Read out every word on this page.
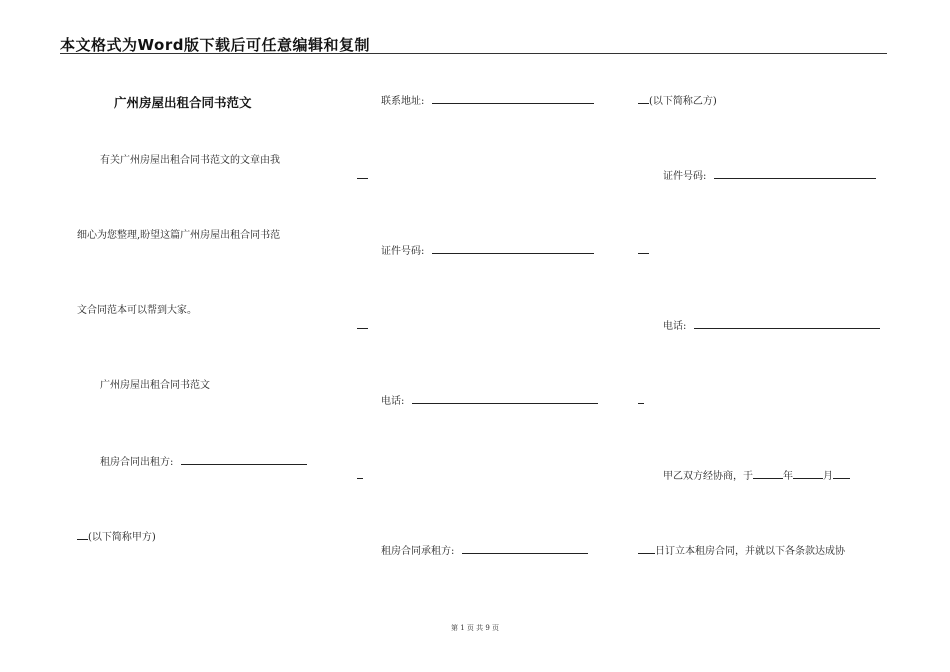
本文格式为Word版下载后可任意编辑和复制
广州房屋出租合同书范文
有关广州房屋出租合同书范文的文章由我
细心为您整理,盼望这篇广州房屋出租合同书范
文合同范本可以帮到大家。
广州房屋出租合同书范文
租房合同出租方:
(以下简称甲方)
联系地址:
证件号码:
电话:
租房合同承租方:
(以下简称乙方)
证件号码:
电话:
甲乙双方经协商，于	年	月
日订立本租房合同，并就以下各条款达成协
第 1 页 共 9 页
